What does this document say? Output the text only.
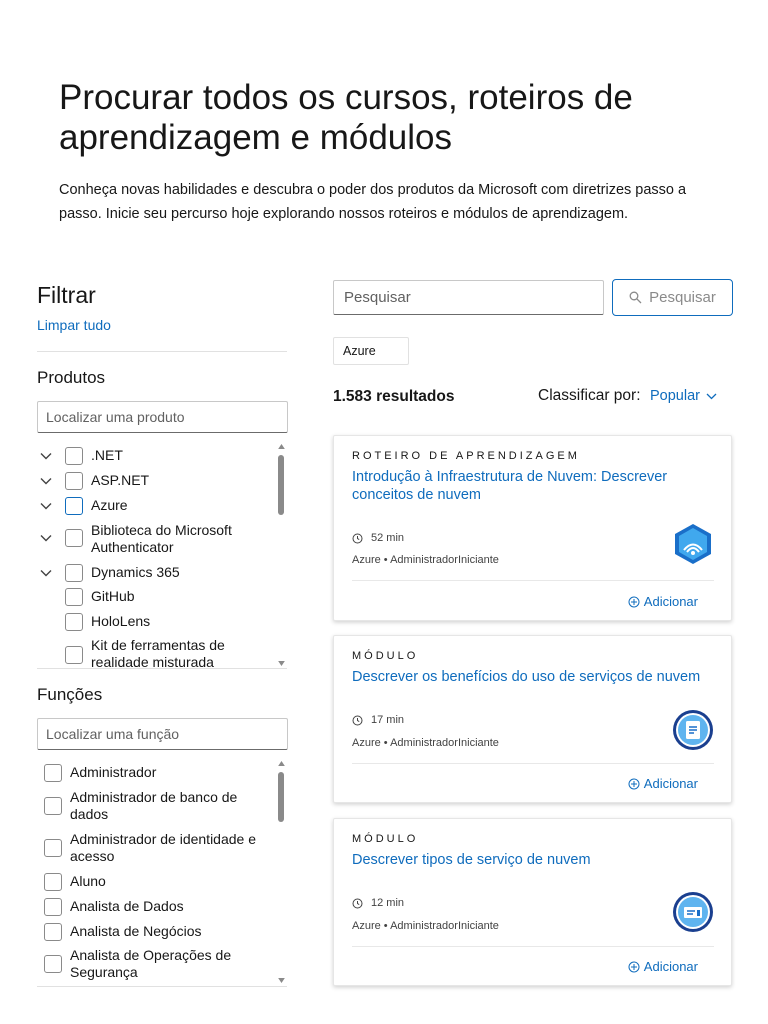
Procurar todos os cursos, roteiros de aprendizagem e módulos

Conheça novas habilidades e descubra o poder dos produtos da Microsoft com diretrizes passo a passo. Inicie seu percurso hoje explorando nossos roteiros e módulos de aprendizagem.

Filtrar
Limpar tudo
Produtos
Localizar uma produto
.NET
ASP.NET
Azure
Biblioteca do Microsoft Authenticator
Dynamics 365
GitHub
HoloLens
Kit de ferramentas de realidade misturada
Funções
Localizar uma função
Administrador
Administrador de banco de dados
Administrador de identidade e acesso
Aluno
Analista de Dados
Analista de Negócios
Analista de Operações de Segurança
Pesquisar
Pesquisar
Azure
1.583 resultados	Classificar por: Popular
ROTEIRO DE APRENDIZAGEM
Introdução à Infraestrutura de Nuvem: Descrever conceitos de nuvem
52 min
Azure • AdministradorIniciante
Adicionar
MÓDULO
Descrever os benefícios do uso de serviços de nuvem
17 min
Azure • AdministradorIniciante
Adicionar
MÓDULO
Descrever tipos de serviço de nuvem
12 min
Azure • AdministradorIniciante
Adicionar
